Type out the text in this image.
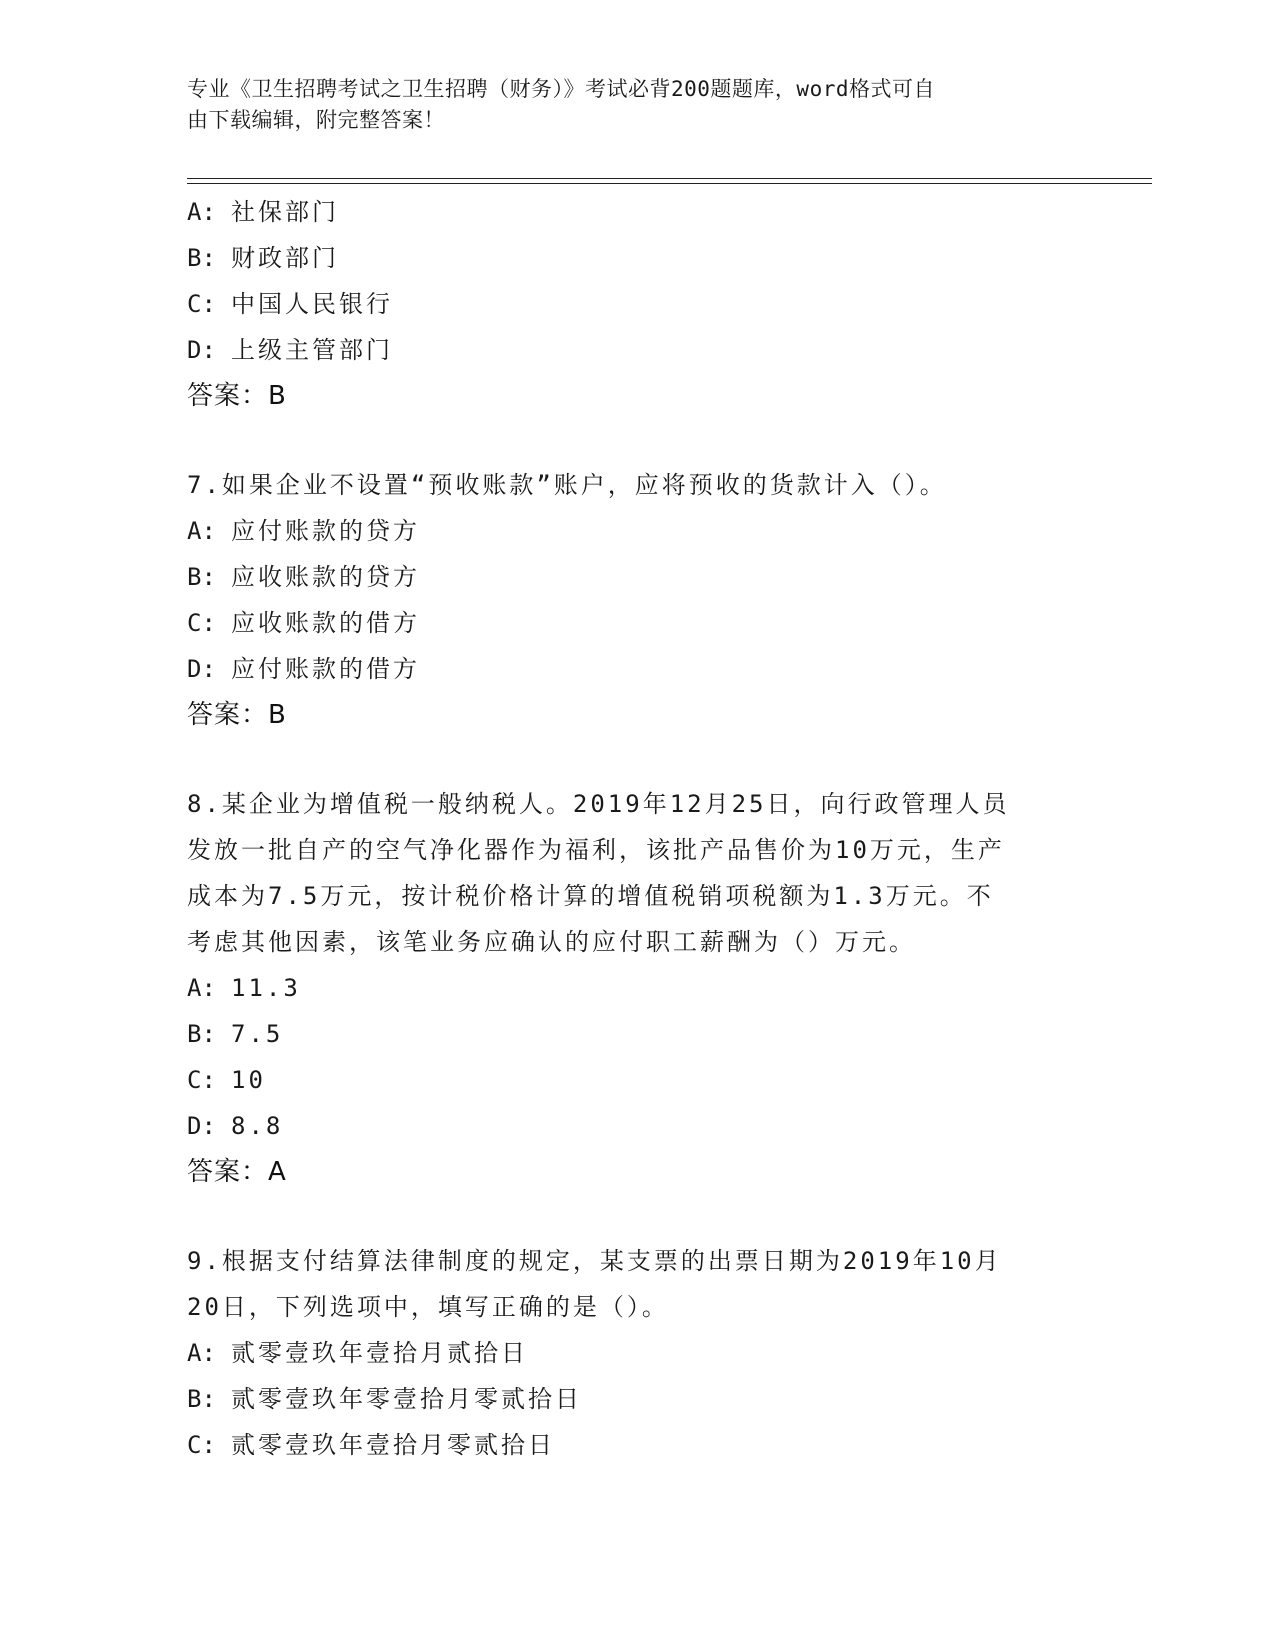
专业《卫生招聘考试之卫生招聘（财务）》考试必背200题题库，word格式可自
由下载编辑，附完整答案！
A: 社保部门
B: 财政部门
C: 中国人民银行
D: 上级主管部门
答案：B
7.如果企业不设置“预收账款”账户，应将预收的货款计入（）。
A: 应付账款的贷方
B: 应收账款的贷方
C: 应收账款的借方
D: 应付账款的借方
答案：B
8.某企业为增值税一般纳税人。2019年12月25日，向行政管理人员
发放一批自产的空气净化器作为福利，该批产品售价为10万元，生产
成本为7.5万元，按计税价格计算的增值税销项税额为1.3万元。不
考虑其他因素，该笔业务应确认的应付职工薪酬为（）万元。
A: 11.3
B: 7.5
C: 10
D: 8.8
答案：A
9.根据支付结算法律制度的规定，某支票的出票日期为2019年10月
20日，下列选项中，填写正确的是（）。
A: 贰零壹玖年壹拾月贰拾日
B: 贰零壹玖年零壹拾月零贰拾日
C: 贰零壹玖年壹拾月零贰拾日
